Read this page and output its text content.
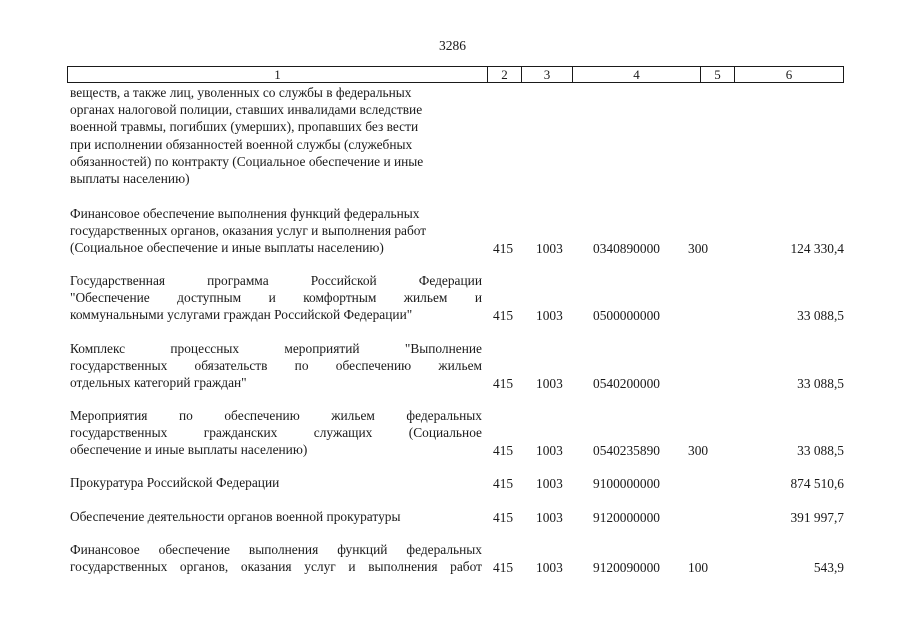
3286
1	2	3	4	5	6
веществ, а также лиц, уволенных со службы в федеральных
органах налоговой полиции, ставших инвалидами вследствие
военной травмы, погибших (умерших), пропавших без вести
при исполнении обязанностей военной службы (служебных
обязанностей) по контракту (Социальное обеспечение и иные
выплаты населению)
Финансовое обеспечение выполнения функций федеральных
государственных органов, оказания услуг и выполнения работ
(Социальное обеспечение и иные выплаты населению)	415 1003 0340890000 300	124 330,4
Государственная программа Российской Федерации
"Обеспечение доступным и комфортным жильем и
коммунальными услугами граждан Российской Федерации"	415 1003 0500000000	33 088,5
Комплекс процессных мероприятий "Выполнение
государственных обязательств по обеспечению жильем
отдельных категорий граждан"	415 1003 0540200000	33 088,5
Мероприятия по обеспечению жильем федеральных
государственных гражданских служащих (Социальное
обеспечение и иные выплаты населению)	415 1003 0540235890 300	33 088,5
Прокуратура Российской Федерации	415 1003 9100000000	874 510,6
Обеспечение деятельности органов военной прокуратуры	415 1003 9120000000	391 997,7
Финансовое обеспечение выполнения функций федеральных
государственных органов, оказания услуг и выполнения работ 415 1003 9120090000 100	543,9
